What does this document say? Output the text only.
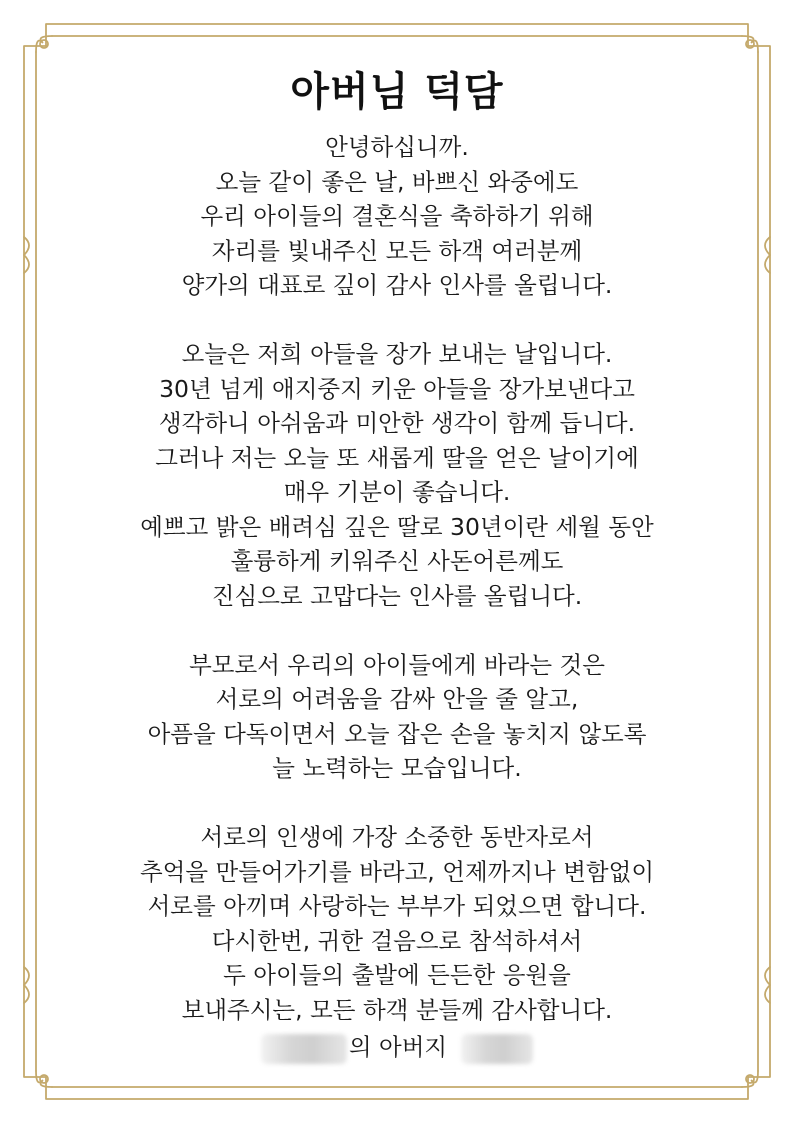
아버님 덕담

안녕하십니까.
오늘 같이 좋은 날, 바쁘신 와중에도
우리 아이들의 결혼식을 축하하기 위해
자리를 빛내주신 모든 하객 여러분께
양가의 대표로 깊이 감사 인사를 올립니다.

오늘은 저희 아들을 장가 보내는 날입니다.
30년 넘게 애지중지 키운 아들을 장가보낸다고
생각하니 아쉬움과 미안한 생각이 함께 듭니다.
그러나 저는 오늘 또 새롭게 딸을 얻은 날이기에
매우 기분이 좋습니다.
예쁘고 밝은 배려심 깊은 딸로 30년이란 세월 동안
훌륭하게 키워주신 사돈어른께도
진심으로 고맙다는 인사를 올립니다.

부모로서 우리의 아이들에게 바라는 것은
서로의 어려움을 감싸 안을 줄 알고,
아픔을 다독이면서 오늘 잡은 손을 놓치지 않도록
늘 노력하는 모습입니다.

서로의 인생에 가장 소중한 동반자로서
추억을 만들어가기를 바라고, 언제까지나 변함없이
서로를 아끼며 사랑하는 부부가 되었으면 합니다.
다시한번, 귀한 걸음으로 참석하셔서
두 아이들의 출발에 든든한 응원을
보내주시는, 모든 하객 분들께 감사합니다.

의 아버지
